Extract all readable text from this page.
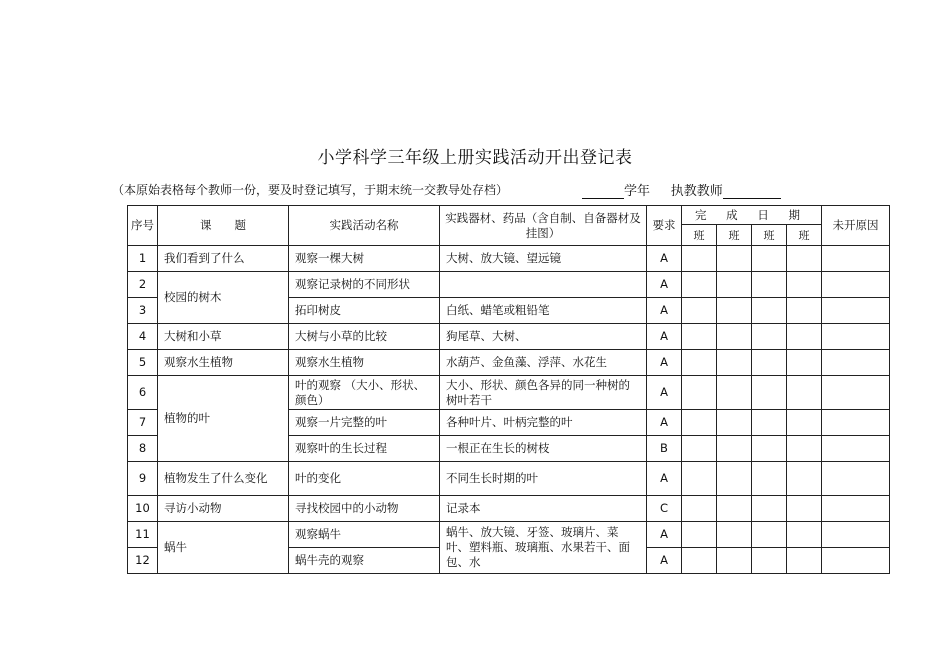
小学科学三年级上册实践活动开出登记表
（本原始表格每个教师一份，要及时登记填写，于期末统一交教导处存档）	学年 执教教师
序号	课　　题	实践活动名称	实践器材、药品（含自制、自备器材及挂图）	要求	完 成 日 期				未开原因
					班	班	班	班	
1	我们看到了什么	观察一棵大树	大树、放大镜、望远镜	A					
2	校园的树木	观察记录树的不同形状		A					
3		拓印树皮	白纸、蜡笔或粗铅笔	A					
4	大树和小草	大树与小草的比较	狗尾草、大树、	A					
5	观察水生植物	观察水生植物	水葫芦、金鱼藻、浮萍、水花生	A					
6	植物的叶	叶的观察 （大小、形状、颜色）	大小、形状、颜色各异的同一种树的树叶若干	A					
7		观察一片完整的叶	各种叶片、叶柄完整的叶	A					
8		观察叶的生长过程	一根正在生长的树枝	B					
9	植物发生了什么变化	叶的变化	不同生长时期的叶	A					
10	寻访小动物	寻找校园中的小动物	记录本	C					
11	蜗牛	观察蜗牛	蜗牛、放大镜、牙签、玻璃片、菜叶、塑料瓶、玻璃瓶、水果若干、面包、水	A					
12		蜗牛壳的观察		A					
